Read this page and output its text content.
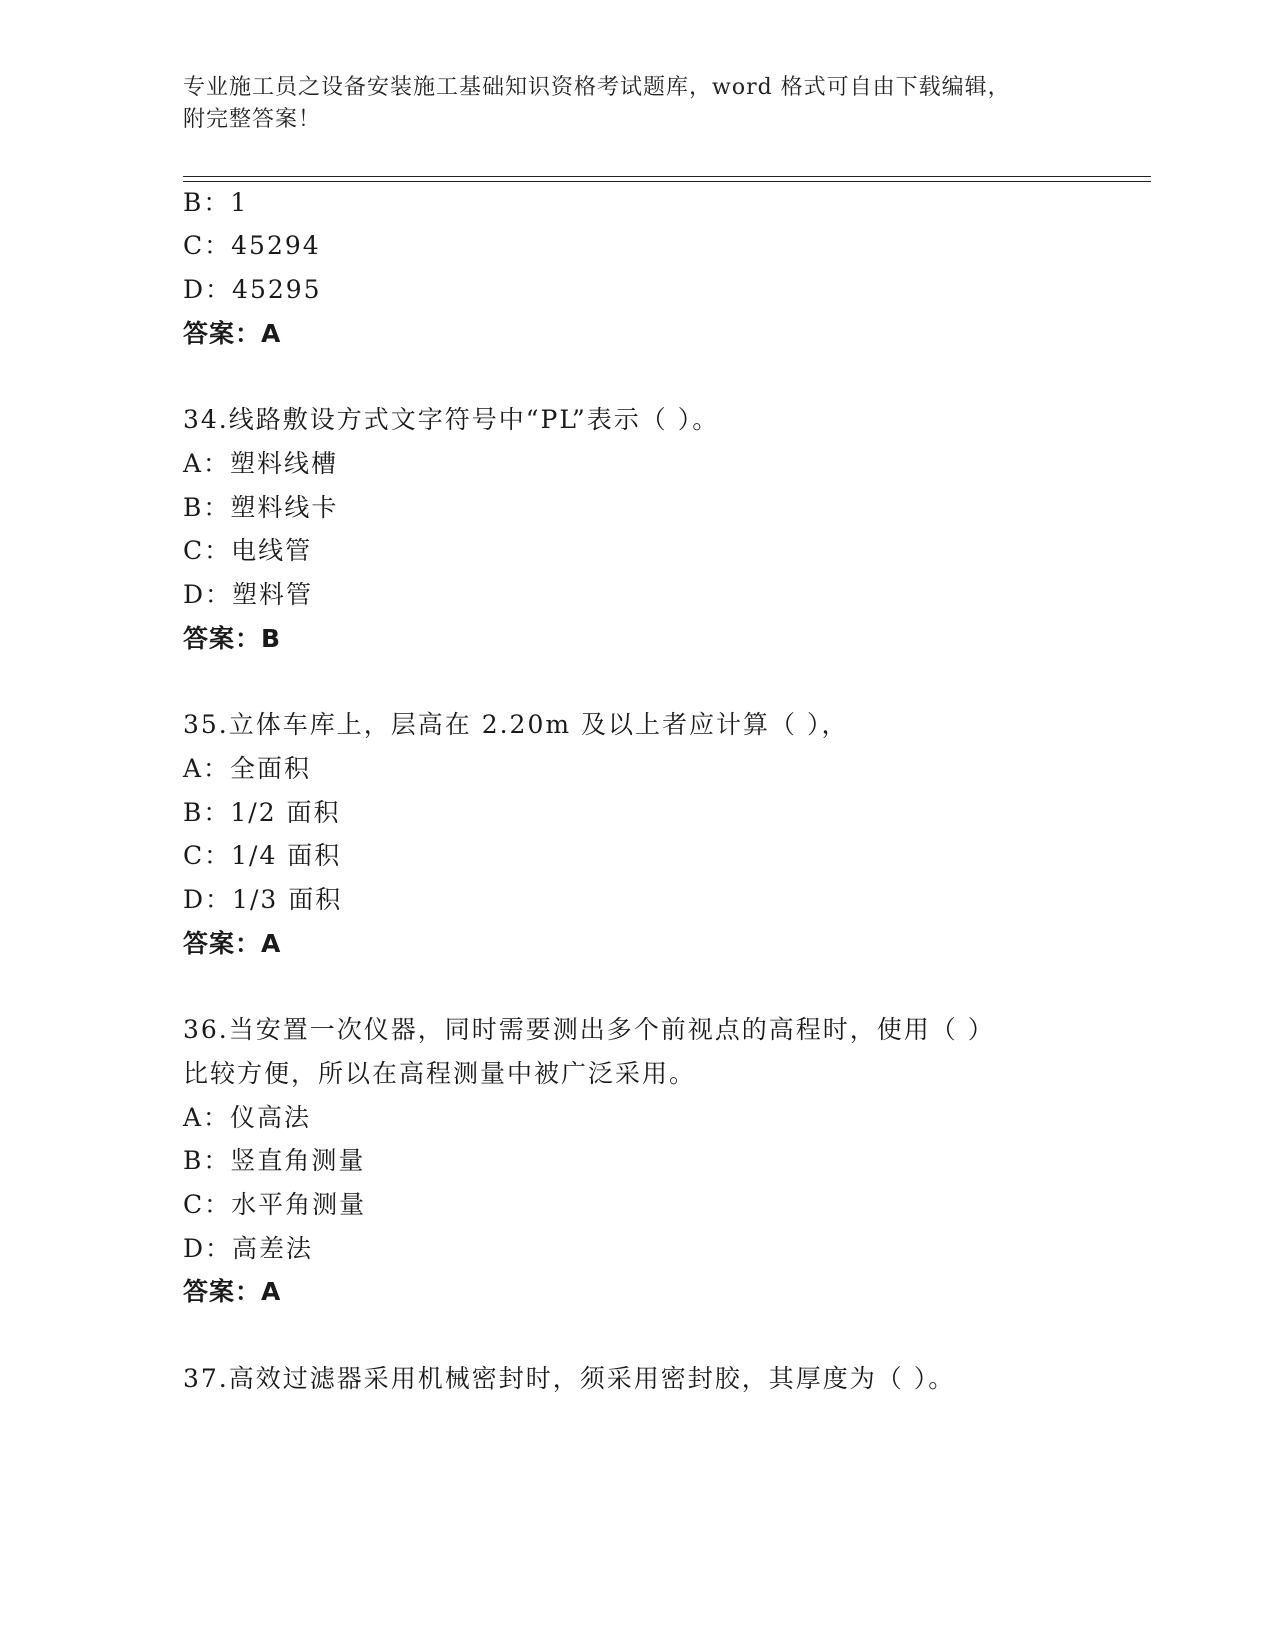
专业施工员之设备安装施工基础知识资格考试题库，word 格式可自由下载编辑，
附完整答案！
B：1
C：45294
D：45295
答案：A
34.线路敷设方式文字符号中“PL”表示（ ）。
A：塑料线槽
B：塑料线卡
C：电线管
D：塑料管
答案：B
35.立体车库上，层高在 2.20m 及以上者应计算（ ），
A：全面积
B：1/2 面积
C：1/4 面积
D：1/3 面积
答案：A
36.当安置一次仪器，同时需要测出多个前视点的高程时，使用（ ）
比较方便，所以在高程测量中被广泛采用。
A：仪高法
B：竖直角测量
C：水平角测量
D：高差法
答案：A
37.高效过滤器采用机械密封时，须采用密封胶，其厚度为（ ）。
